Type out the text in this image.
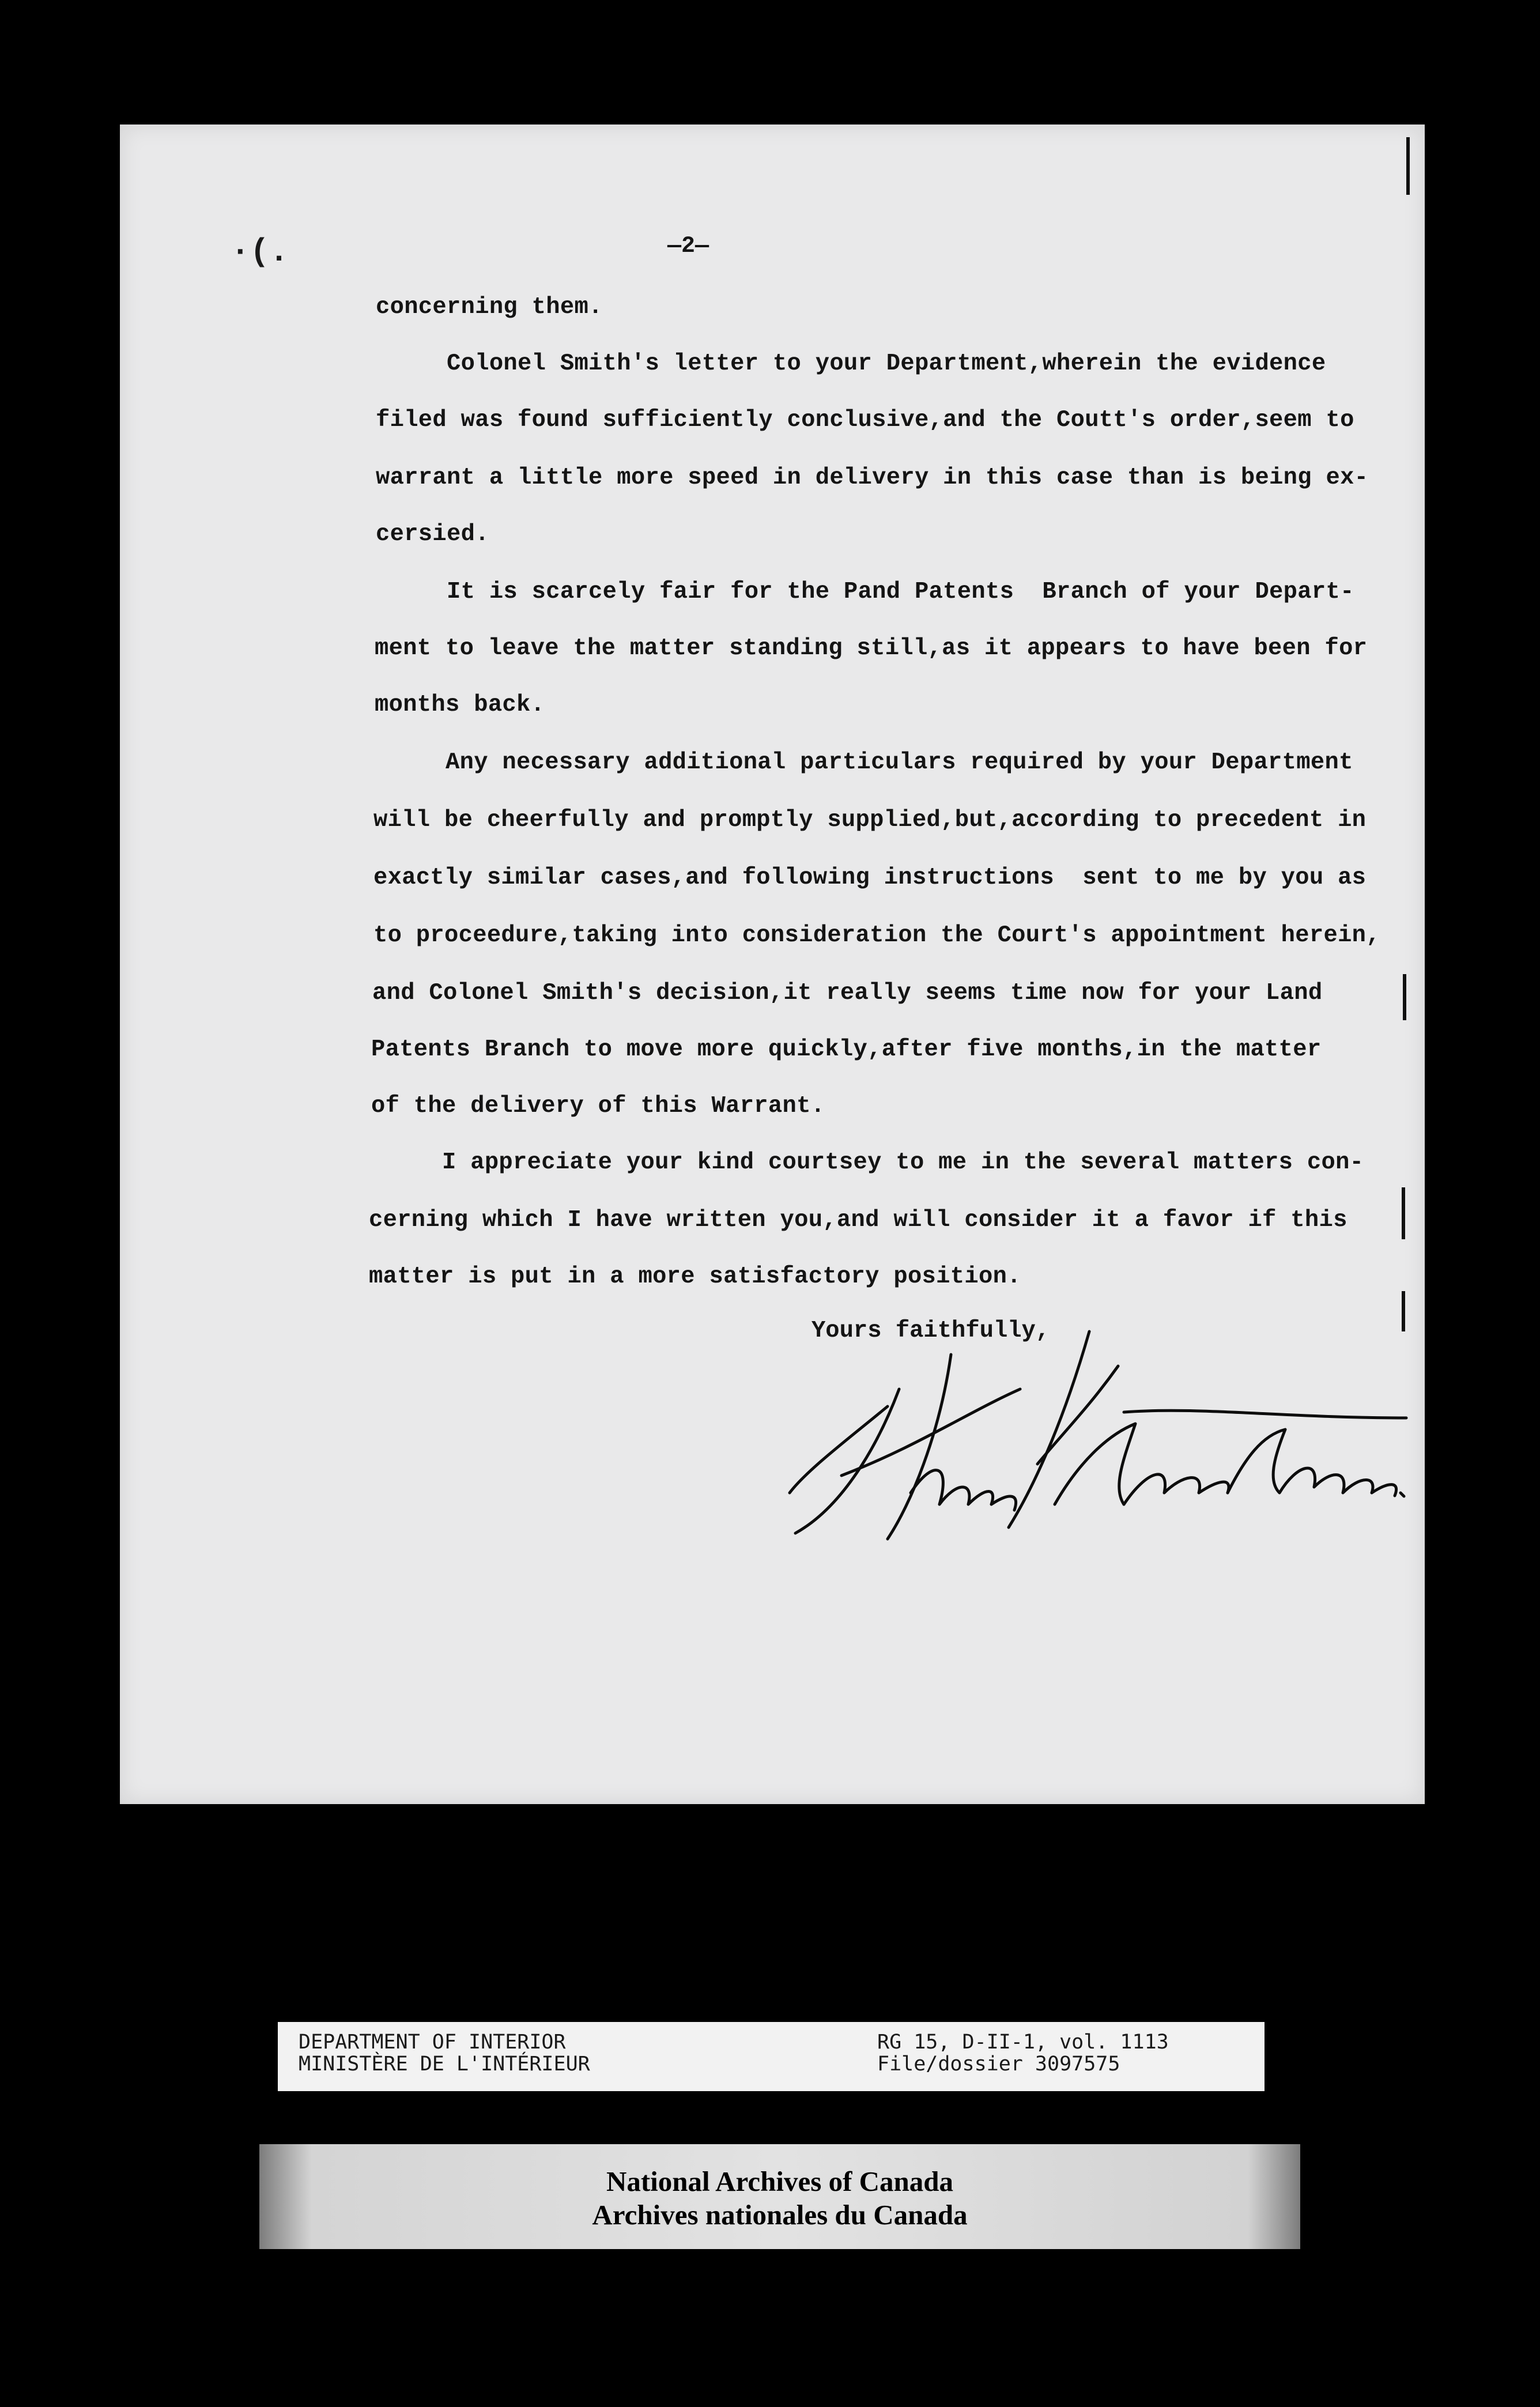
·(.	—2—
concerning them.
Colonel Smith's letter to your Department,wherein the evidence
filed was found sufficiently conclusive,and the Coutt's order,seem to
warrant a little more speed in delivery in this case than is being ex-
cersied.
It is scarcely fair for the Pand Patents  Branch of your Depart-
ment to leave the matter standing still,as it appears to have been for
months back.
Any necessary additional particulars required by your Department
will be cheerfully and promptly supplied,but,according to precedent in
exactly similar cases,and following instructions  sent to me by you as
to proceedure,taking into consideration the Court's appointment herein,
and Colonel Smith's decision,it really seems time now for your Land
Patents Branch to move more quickly,after five months,in the matter
of the delivery of this Warrant.
I appreciate your kind courtsey to me in the several matters con-
cerning which I have written you,and will consider it a favor if this
matter is put in a more satisfactory position.
Yours faithfully,
DEPARTMENT OF INTERIOR
MINISTÈRE DE L'INTÉRIEUR
RG 15, D-II-1, vol. 1113
File/dossier 3097575
National Archives of Canada
Archives nationales du Canada
